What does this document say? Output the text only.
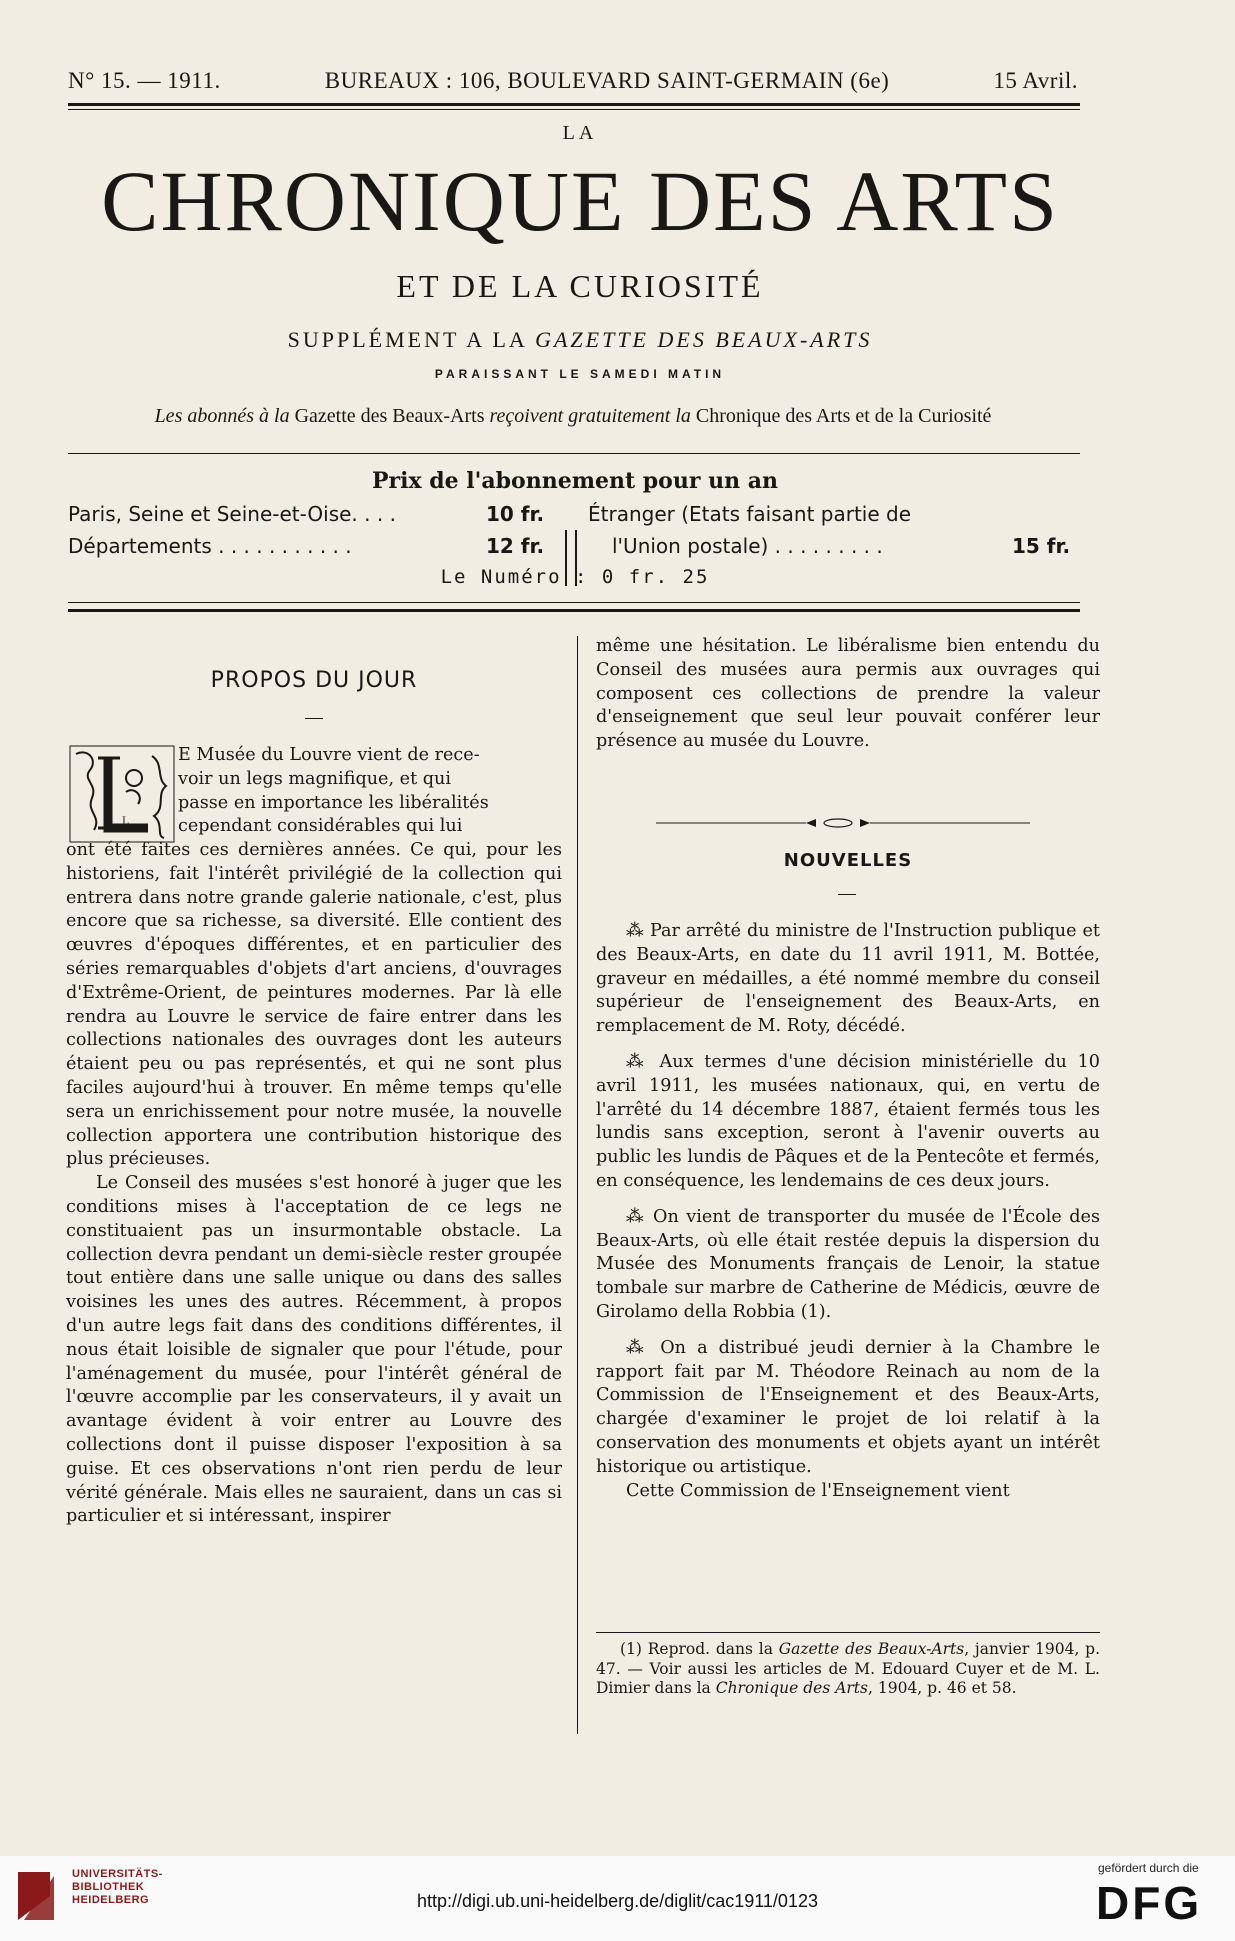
N° 15. — 1911.	BUREAUX : 106, BOULEVARD SAINT-GERMAIN (6e)	15 Avril.
LA
CHRONIQUE DES ARTS
ET DE LA CURIOSITÉ
SUPPLÉMENT A LA GAZETTE DES BEAUX-ARTS
PARAISSANT LE SAMEDI MATIN
Les abonnés à la Gazette des Beaux-Arts reçoivent gratuitement la Chronique des Arts et de la Curiosité
Prix de l'abonnement pour un an
Paris, Seine et Seine-et-Oise. . . .	10 fr.
Départements . . . . . . . . . . .	12 fr.
Étranger (Etats faisant partie de
l'Union postale) . . . . . . . . .	15 fr.
Le Numéro : 0 fr. 25
PROPOS DU JOUR
L

E Musée du Louvre vient de rece-

voir un legs magnifique, et qui

passe en importance les libéralités

cependant considérables qui lui

ont été faites ces dernières années. Ce qui, pour les historiens, fait l'intérêt privilégié de la collection qui entrera dans notre grande galerie nationale, c'est, plus encore que sa richesse, sa diversité. Elle contient des œuvres d'époques différentes, et en particulier des séries remarquables d'objets d'art anciens, d'ouvrages d'Extrême-Orient, de peintures modernes. Par là elle rendra au Louvre le service de faire entrer dans les collections nationales des ouvrages dont les auteurs étaient peu ou pas représentés, et qui ne sont plus faciles aujourd'hui à trouver. En même temps qu'elle sera un enrichissement pour notre musée, la nouvelle collection apportera une contribution historique des plus précieuses.

Le Conseil des musées s'est honoré à juger que les conditions mises à l'acceptation de ce legs ne constituaient pas un insurmontable obstacle. La collection devra pendant un demi-siècle rester groupée tout entière dans une salle unique ou dans des salles voisines les unes des autres. Récemment, à propos d'un autre legs fait dans des conditions différentes, il nous était loisible de signaler que pour l'étude, pour l'aménagement du musée, pour l'intérêt général de l'œuvre accomplie par les conservateurs, il y avait un avantage évident à voir entrer au Louvre des collections dont il puisse disposer l'exposition à sa guise. Et ces observations n'ont rien perdu de leur vérité générale. Mais elles ne sauraient, dans un cas si particulier et si intéressant, inspirer

même une hésitation. Le libéralisme bien entendu du Conseil des musées aura permis aux ouvrages qui composent ces collections de prendre la valeur d'enseignement que seul leur pouvait conférer leur présence au musée du Louvre.

NOUVELLES

⁂ Par arrêté du ministre de l'Instruction publique et des Beaux-Arts, en date du 11 avril 1911, M. Bottée, graveur en médailles, a été nommé membre du conseil supérieur de l'enseignement des Beaux-Arts, en remplacement de M. Roty, décédé.

⁂ Aux termes d'une décision ministérielle du 10 avril 1911, les musées nationaux, qui, en vertu de l'arrêté du 14 décembre 1887, étaient fermés tous les lundis sans exception, seront à l'avenir ouverts au public les lundis de Pâques et de la Pentecôte et fermés, en conséquence, les lendemains de ces deux jours.

⁂ On vient de transporter du musée de l'École des Beaux-Arts, où elle était restée depuis la dispersion du Musée des Monuments français de Lenoir, la statue tombale sur marbre de Catherine de Médicis, œuvre de Girolamo della Robbia (1).

⁂ On a distribué jeudi dernier à la Chambre le rapport fait par M. Théodore Reinach au nom de la Commission de l'Enseignement et des Beaux-Arts, chargée d'examiner le projet de loi relatif à la conservation des monuments et objets ayant un intérêt historique ou artistique.

Cette Commission de l'Enseignement vient

(1) Reprod. dans la Gazette des Beaux-Arts, janvier 1904, p. 47. — Voir aussi les articles de M. Edouard Cuyer et de M. L. Dimier dans la Chronique des Arts, 1904, p. 46 et 58.

UNIVERSITÄTS-
BIBLIOTHEK
HEIDELBERG	http://digi.ub.uni-heidelberg.de/diglit/cac1911/0123
gefördert durch die
DFG
